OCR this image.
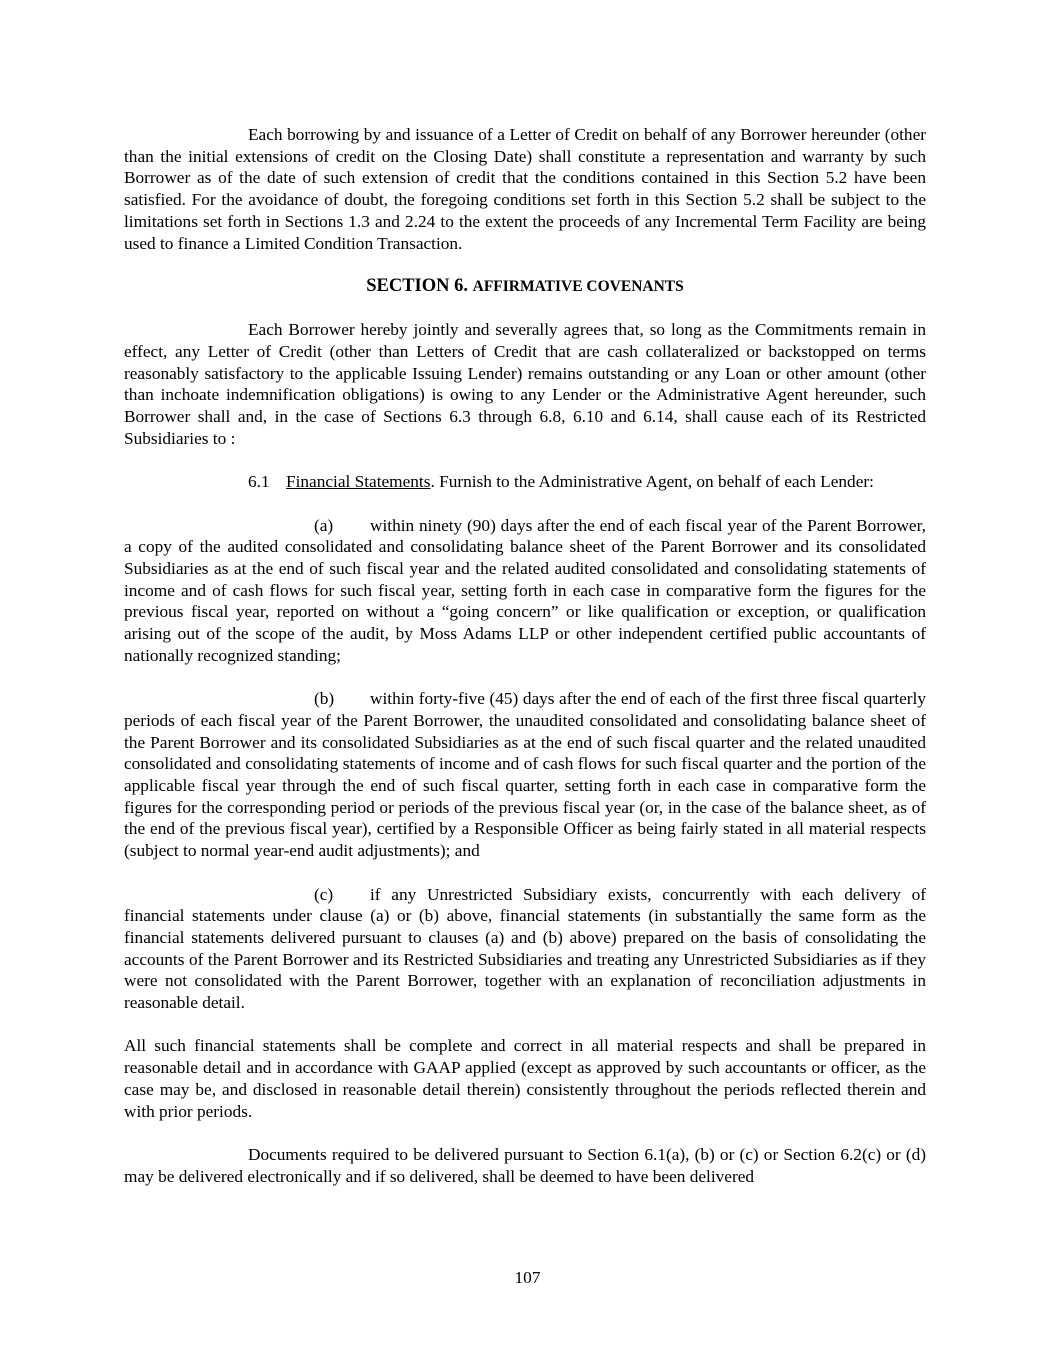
Each borrowing by and issuance of a Letter of Credit on behalf of any Borrower hereunder (other than the initial extensions of credit on the Closing Date) shall constitute a representation and warranty by such Borrower as of the date of such extension of credit that the conditions contained in this Section 5.2 have been satisfied. For the avoidance of doubt, the foregoing conditions set forth in this Section 5.2 shall be subject to the limitations set forth in Sections 1.3 and 2.24 to the extent the proceeds of any Incremental Term Facility are being used to finance a Limited Condition Transaction.

SECTION 6. AFFIRMATIVE COVENANTS

Each Borrower hereby jointly and severally agrees that, so long as the Commitments remain in effect, any Letter of Credit (other than Letters of Credit that are cash collateralized or backstopped on terms reasonably satisfactory to the applicable Issuing Lender) remains outstanding or any Loan or other amount (other than inchoate indemnification obligations) is owing to any Lender or the Administrative Agent hereunder, such Borrower shall and, in the case of Sections 6.3 through 6.8, 6.10 and 6.14, shall cause each of its Restricted Subsidiaries to :

6.1 Financial Statements. Furnish to the Administrative Agent, on behalf of each Lender:

(a) within ninety (90) days after the end of each fiscal year of the Parent Borrower, a copy of the audited consolidated and consolidating balance sheet of the Parent Borrower and its consolidated Subsidiaries as at the end of such fiscal year and the related audited consolidated and consolidating statements of income and of cash flows for such fiscal year, setting forth in each case in comparative form the figures for the previous fiscal year, reported on without a “going concern” or like qualification or exception, or qualification arising out of the scope of the audit, by Moss Adams LLP or other independent certified public accountants of nationally recognized standing;

(b) within forty-five (45) days after the end of each of the first three fiscal quarterly periods of each fiscal year of the Parent Borrower, the unaudited consolidated and consolidating balance sheet of the Parent Borrower and its consolidated Subsidiaries as at the end of such fiscal quarter and the related unaudited consolidated and consolidating statements of income and of cash flows for such fiscal quarter and the portion of the applicable fiscal year through the end of such fiscal quarter, setting forth in each case in comparative form the figures for the corresponding period or periods of the previous fiscal year (or, in the case of the balance sheet, as of the end of the previous fiscal year), certified by a Responsible Officer as being fairly stated in all material respects (subject to normal year-end audit adjustments); and

(c) if any Unrestricted Subsidiary exists, concurrently with each delivery of financial statements under clause (a) or (b) above, financial statements (in substantially the same form as the financial statements delivered pursuant to clauses (a) and (b) above) prepared on the basis of consolidating the accounts of the Parent Borrower and its Restricted Subsidiaries and treating any Unrestricted Subsidiaries as if they were not consolidated with the Parent Borrower, together with an explanation of reconciliation adjustments in reasonable detail.

All such financial statements shall be complete and correct in all material respects and shall be prepared in reasonable detail and in accordance with GAAP applied (except as approved by such accountants or officer, as the case may be, and disclosed in reasonable detail therein) consistently throughout the periods reflected therein and with prior periods.

Documents required to be delivered pursuant to Section 6.1(a), (b) or (c) or Section 6.2(c) or (d) may be delivered electronically and if so delivered, shall be deemed to have been delivered

107
